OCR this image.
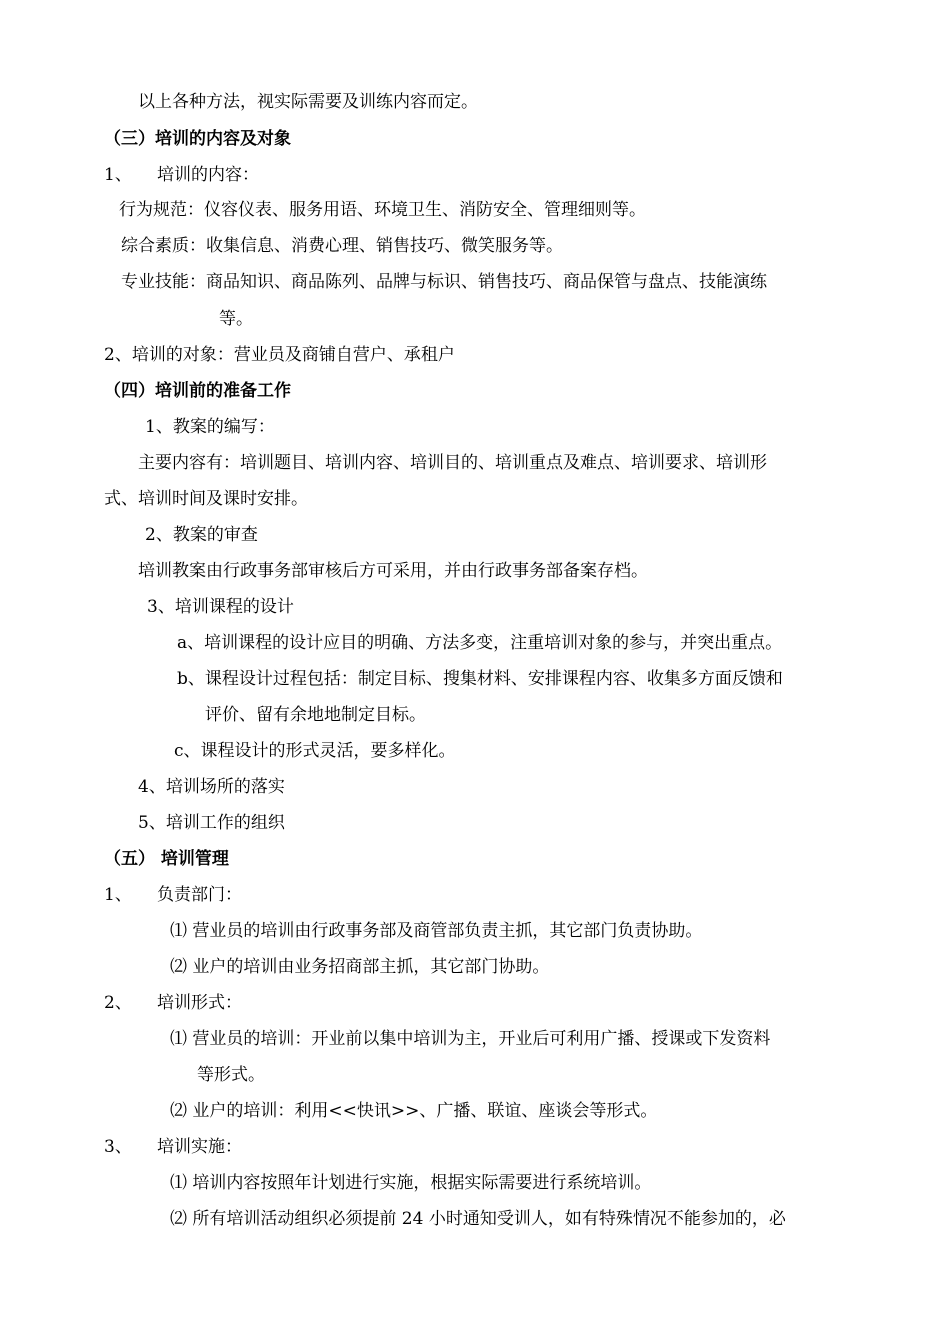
以上各种方法，视实际需要及训练内容而定。
（三）培训的内容及对象
1、 培训的内容：
行为规范：仪容仪表、服务用语、环境卫生、消防安全、管理细则等。
综合素质：收集信息、消费心理、销售技巧、微笑服务等。
专业技能：商品知识、商品陈列、品牌与标识、销售技巧、商品保管与盘点、技能演练
等。
2、培训的对象：营业员及商铺自营户、承租户
（四）培训前的准备工作
1、教案的编写：
主要内容有：培训题目、培训内容、培训目的、培训重点及难点、培训要求、培训形
式、培训时间及课时安排。
2、教案的审查
培训教案由行政事务部审核后方可采用，并由行政事务部备案存档。
3、培训课程的设计
a、培训课程的设计应目的明确、方法多变，注重培训对象的参与，并突出重点。
b、课程设计过程包括：制定目标、搜集材料、安排课程内容、收集多方面反馈和
评价、留有余地地制定目标。
c、课程设计的形式灵活，要多样化。
4、培训场所的落实
5、培训工作的组织
（五） 培训管理
1、 负责部门：
⑴ 营业员的培训由行政事务部及商管部负责主抓，其它部门负责协助。
⑵ 业户的培训由业务招商部主抓，其它部门协助。
2、 培训形式：
⑴ 营业员的培训：开业前以集中培训为主，开业后可利用广播、授课或下发资料
等形式。
⑵ 业户的培训：利用<<快讯>>、广播、联谊、座谈会等形式。
3、 培训实施：
⑴ 培训内容按照年计划进行实施，根据实际需要进行系统培训。
⑵ 所有培训活动组织必须提前 24 小时通知受训人，如有特殊情况不能参加的，必
